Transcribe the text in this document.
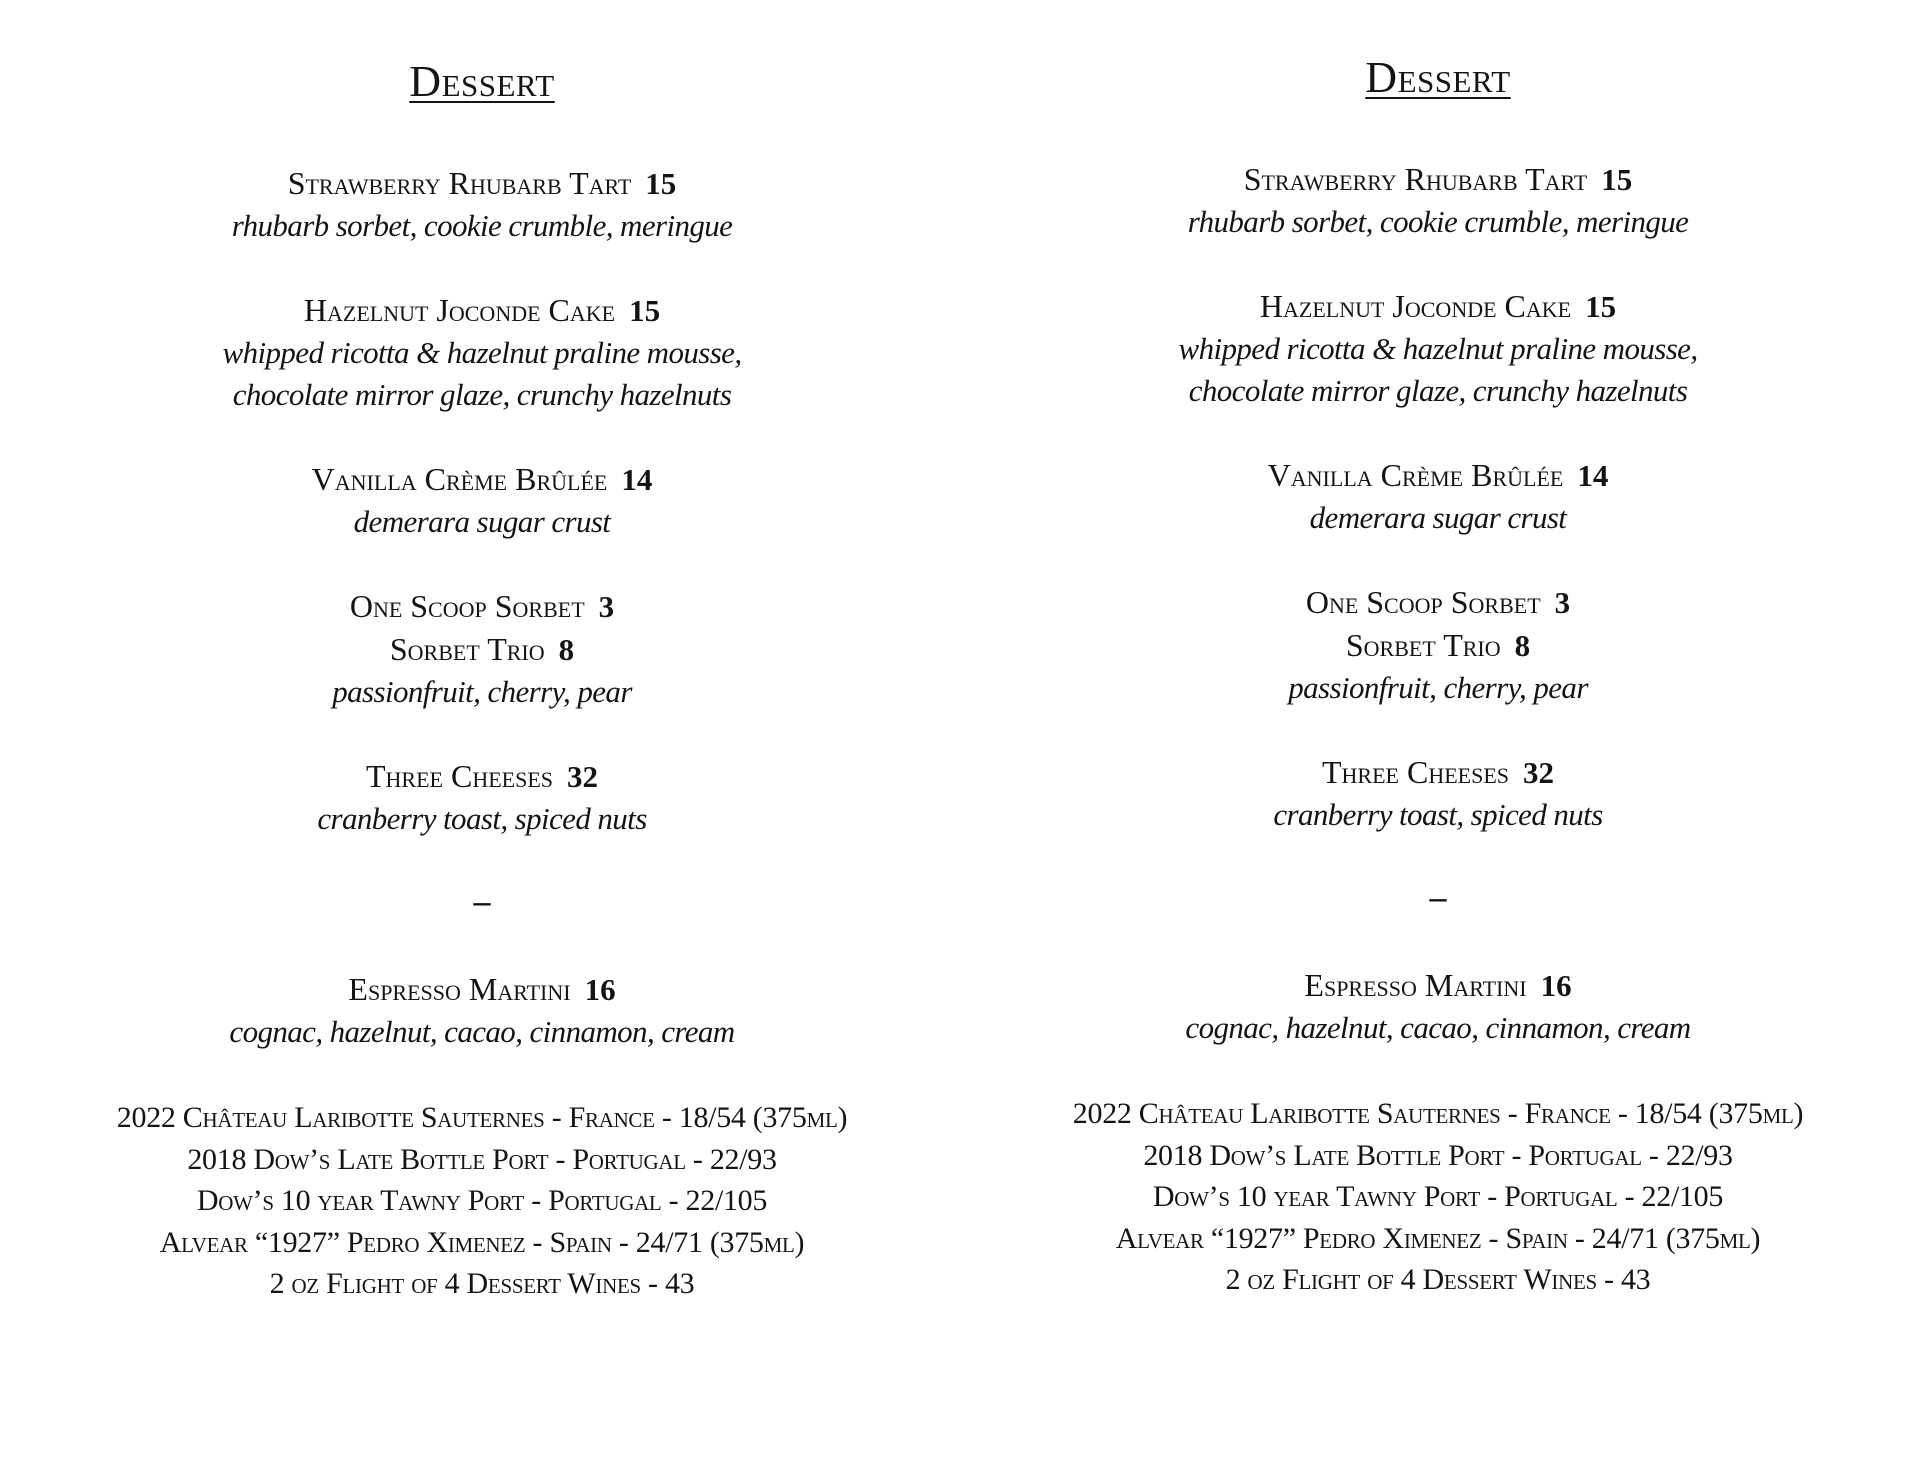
Dessert
Strawberry Rhubarb Tart 15
rhubarb sorbet, cookie crumble, meringue
Hazelnut Joconde Cake 15
whipped ricotta & hazelnut praline mousse,
chocolate mirror glaze, crunchy hazelnuts
Vanilla Crème Brûlée 14
demerara sugar crust
One Scoop Sorbet 3
Sorbet Trio 8
passionfruit, cherry, pear
Three Cheeses 32
cranberry toast, spiced nuts
–
Espresso Martini 16
cognac, hazelnut, cacao, cinnamon, cream
2022 Château Laribotte Sauternes - France - 18/54 (375ml)
2018 Dow’s Late Bottle Port - Portugal - 22/93
Dow’s 10 year Tawny Port - Portugal - 22/105
Alvear “1927” Pedro Ximenez - Spain - 24/71 (375ml)
2 oz Flight of 4 Dessert Wines - 43
Dessert
Strawberry Rhubarb Tart 15
rhubarb sorbet, cookie crumble, meringue
Hazelnut Joconde Cake 15
whipped ricotta & hazelnut praline mousse,
chocolate mirror glaze, crunchy hazelnuts
Vanilla Crème Brûlée 14
demerara sugar crust
One Scoop Sorbet 3
Sorbet Trio 8
passionfruit, cherry, pear
Three Cheeses 32
cranberry toast, spiced nuts
–
Espresso Martini 16
cognac, hazelnut, cacao, cinnamon, cream
2022 Château Laribotte Sauternes - France - 18/54 (375ml)
2018 Dow’s Late Bottle Port - Portugal - 22/93
Dow’s 10 year Tawny Port - Portugal - 22/105
Alvear “1927” Pedro Ximenez - Spain - 24/71 (375ml)
2 oz Flight of 4 Dessert Wines - 43
